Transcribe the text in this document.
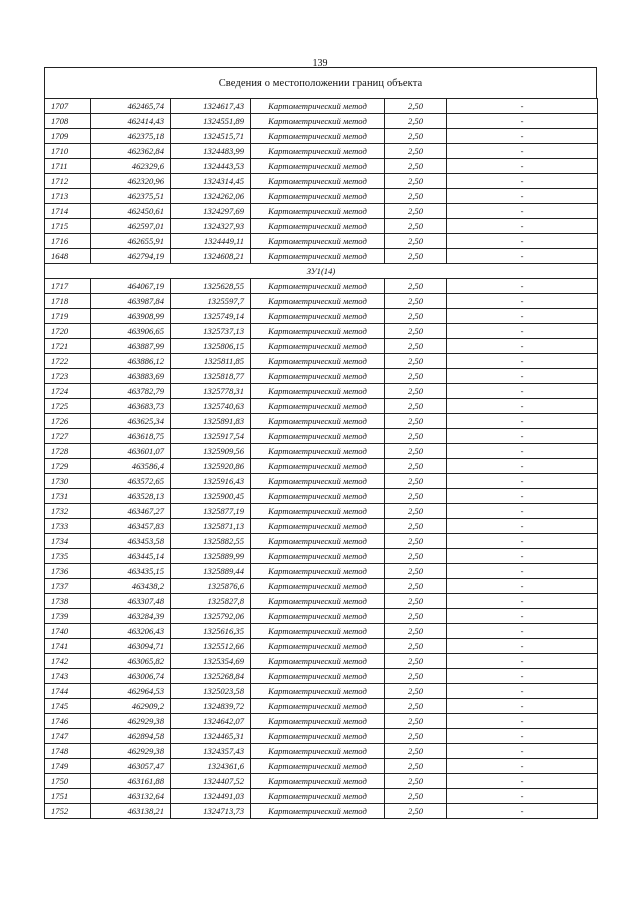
139
Сведения о местоположении границ объекта
1707	462465,74	1324617,43	Картометрический метод	2,50	-
1708	462414,43	1324551,89	Картометрический метод	2,50	-
1709	462375,18	1324515,71	Картометрический метод	2,50	-
1710	462362,84	1324483,99	Картометрический метод	2,50	-
1711	462329,6	1324443,53	Картометрический метод	2,50	-
1712	462320,96	1324314,45	Картометрический метод	2,50	-
1713	462375,51	1324262,06	Картометрический метод	2,50	-
1714	462450,61	1324297,69	Картометрический метод	2,50	-
1715	462597,01	1324327,93	Картометрический метод	2,50	-
1716	462655,91	1324449,11	Картометрический метод	2,50	-
1648	462794,19	1324608,21	Картометрический метод	2,50	-
ЗУ1(14)					
1717	464067,19	1325628,55	Картометрический метод	2,50	-
1718	463987,84	1325597,7	Картометрический метод	2,50	-
1719	463908,99	1325749,14	Картометрический метод	2,50	-
1720	463906,65	1325737,13	Картометрический метод	2,50	-
1721	463887,99	1325806,15	Картометрический метод	2,50	-
1722	463886,12	1325811,85	Картометрический метод	2,50	-
1723	463883,69	1325818,77	Картометрический метод	2,50	-
1724	463782,79	1325778,31	Картометрический метод	2,50	-
1725	463683,73	1325740,63	Картометрический метод	2,50	-
1726	463625,34	1325891,83	Картометрический метод	2,50	-
1727	463618,75	1325917,54	Картометрический метод	2,50	-
1728	463601,07	1325909,56	Картометрический метод	2,50	-
1729	463586,4	1325920,86	Картометрический метод	2,50	-
1730	463572,65	1325916,43	Картометрический метод	2,50	-
1731	463528,13	1325900,45	Картометрический метод	2,50	-
1732	463467,27	1325877,19	Картометрический метод	2,50	-
1733	463457,83	1325871,13	Картометрический метод	2,50	-
1734	463453,58	1325882,55	Картометрический метод	2,50	-
1735	463445,14	1325889,99	Картометрический метод	2,50	-
1736	463435,15	1325889,44	Картометрический метод	2,50	-
1737	463438,2	1325876,6	Картометрический метод	2,50	-
1738	463307,48	1325827,8	Картометрический метод	2,50	-
1739	463284,39	1325792,06	Картометрический метод	2,50	-
1740	463206,43	1325616,35	Картометрический метод	2,50	-
1741	463094,71	1325512,66	Картометрический метод	2,50	-
1742	463065,82	1325354,69	Картометрический метод	2,50	-
1743	463006,74	1325268,84	Картометрический метод	2,50	-
1744	462964,53	1325023,58	Картометрический метод	2,50	-
1745	462909,2	1324839,72	Картометрический метод	2,50	-
1746	462929,38	1324642,07	Картометрический метод	2,50	-
1747	462894,58	1324465,31	Картометрический метод	2,50	-
1748	462929,38	1324357,43	Картометрический метод	2,50	-
1749	463057,47	1324361,6	Картометрический метод	2,50	-
1750	463161,88	1324407,52	Картометрический метод	2,50	-
1751	463132,64	1324491,03	Картометрический метод	2,50	-
1752	463138,21	1324713,73	Картометрический метод	2,50	-
